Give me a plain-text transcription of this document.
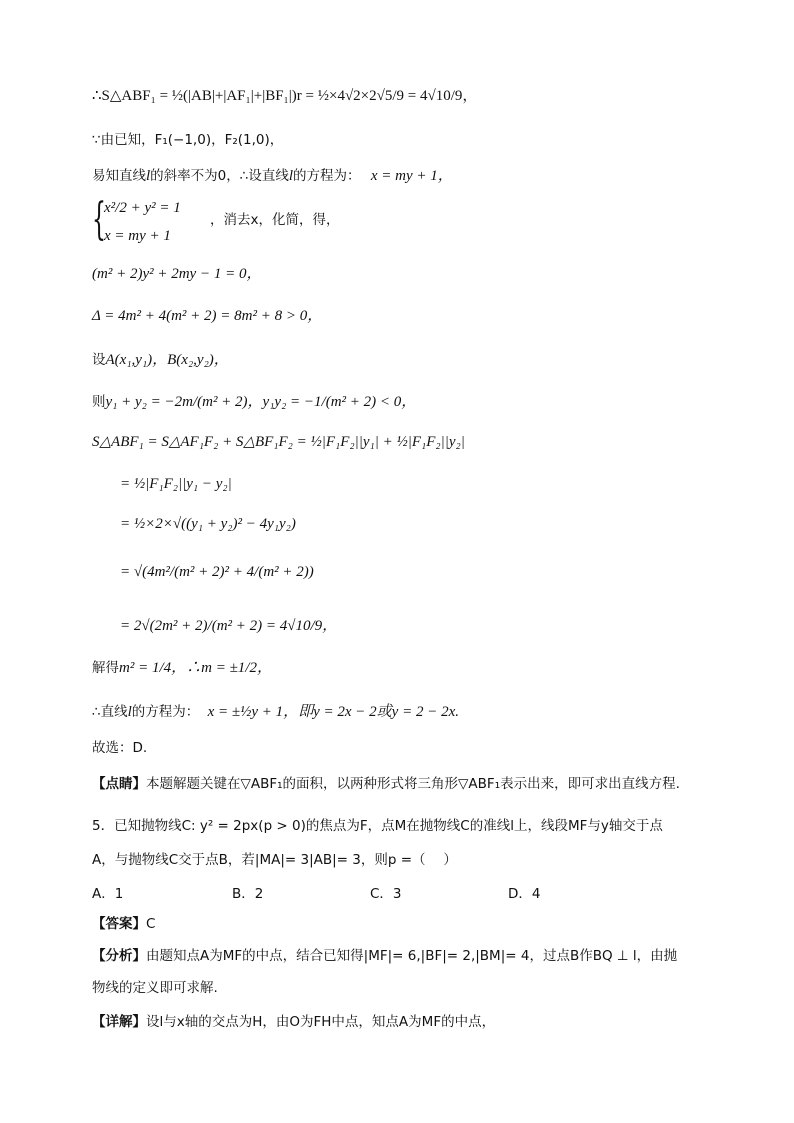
∴S△ABF₁ = ½(|AB|+|AF₁|+|BF₁|)r = ½×4√2×2√5/9 = 4√10/9，
∵由已知，F₁(−1,0)，F₂(1,0)，
易知直线l的斜率不为0，∴设直线l的方程为： x = my + 1，
{
x²/2 + y² = 1
，消去x，化简，得，
x = my + 1
(m² + 2)y² + 2my − 1 = 0，
Δ = 4m² + 4(m² + 2) = 8m² + 8 > 0，
设A(x₁,y₁)，B(x₂,y₂)，
则y₁ + y₂ = −2m/(m² + 2)，y₁y₂ = −1/(m² + 2) < 0，
S△ABF₁ = S△AF₁F₂ + S△BF₁F₂ = ½|F₁F₂||y₁| + ½|F₁F₂||y₂|
= ½|F₁F₂||y₁ − y₂|
= ½×2×√((y₁ + y₂)² − 4y₁y₂)
= √(4m²/(m² + 2)² + 4/(m² + 2))
= 2√(2m² + 2)/(m² + 2) = 4√10/9，
解得m² = 1/4，∴m = ±1/2，
∴直线l的方程为： x = ±½y + 1，即y = 2x − 2或y = 2 − 2x.
故选：D.
【点睛】本题解题关键在▽ABF₁的面积，以两种形式将三角形▽ABF₁表示出来，即可求出直线方程.
5．已知抛物线C: y² = 2px(p > 0)的焦点为F，点M在抛物线C的准线l上，线段MF与y轴交于点
A，与抛物线C交于点B，若|MA|= 3|AB|= 3，则p =（　 ）
A．1	B．2	C．3	D．4
【答案】C
【分析】由题知点A为MF的中点，结合已知得|MF|= 6,|BF|= 2,|BM|= 4，过点B作BQ ⊥ l，由抛
物线的定义即可求解.
【详解】设l与x轴的交点为H，由O为FH中点，知点A为MF的中点，
